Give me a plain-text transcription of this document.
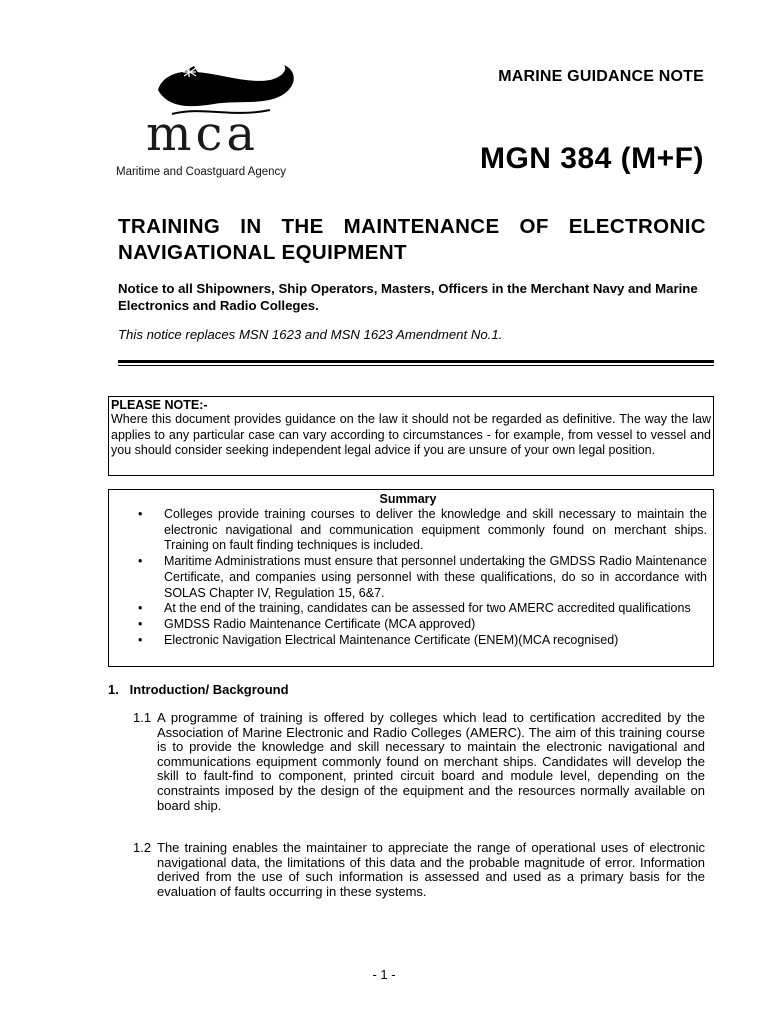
mca
Maritime and Coastguard Agency
MARINE GUIDANCE NOTE
MGN 384 (M+F)
TRAINING IN THE MAINTENANCE OF ELECTRONIC NAVIGATIONAL EQUIPMENT
Notice to all Shipowners, Ship Operators, Masters, Officers in the Merchant Navy and Marine Electronics and Radio Colleges.
This notice replaces MSN 1623 and MSN 1623 Amendment No.1.
PLEASE NOTE:-
Where this document provides guidance on the law it should not be regarded as definitive. The way the law applies to any particular case can vary according to circumstances - for example, from vessel to vessel and you should consider seeking independent legal advice if you are unsure of your own legal position.
Summary
• Colleges provide training courses to deliver the knowledge and skill necessary to maintain the electronic navigational and communication equipment commonly found on merchant ships. Training on fault finding techniques is included.
• Maritime Administrations must ensure that personnel undertaking the GMDSS Radio Maintenance Certificate, and companies using personnel with these qualifications, do so in accordance with SOLAS Chapter IV, Regulation 15, 6&7.
• At the end of the training, candidates can be assessed for two AMERC accredited qualifications
• GMDSS Radio Maintenance Certificate (MCA approved)
• Electronic Navigation Electrical Maintenance Certificate (ENEM)(MCA recognised)
1.   Introduction/ Background
1.1 A programme of training is offered by colleges which lead to certification accredited by the Association of Marine Electronic and Radio Colleges (AMERC). The aim of this training course is to provide the knowledge and skill necessary to maintain the electronic navigational and communications equipment commonly found on merchant ships. Candidates will develop the skill to fault-find to component, printed circuit board and module level, depending on the constraints imposed by the design of the equipment and the resources normally available on board ship.
1.2 The training enables the maintainer to appreciate the range of operational uses of electronic navigational data, the limitations of this data and the probable magnitude of error. Information derived from the use of such information is assessed and used as a primary basis for the evaluation of faults occurring in these systems.
- 1 -
